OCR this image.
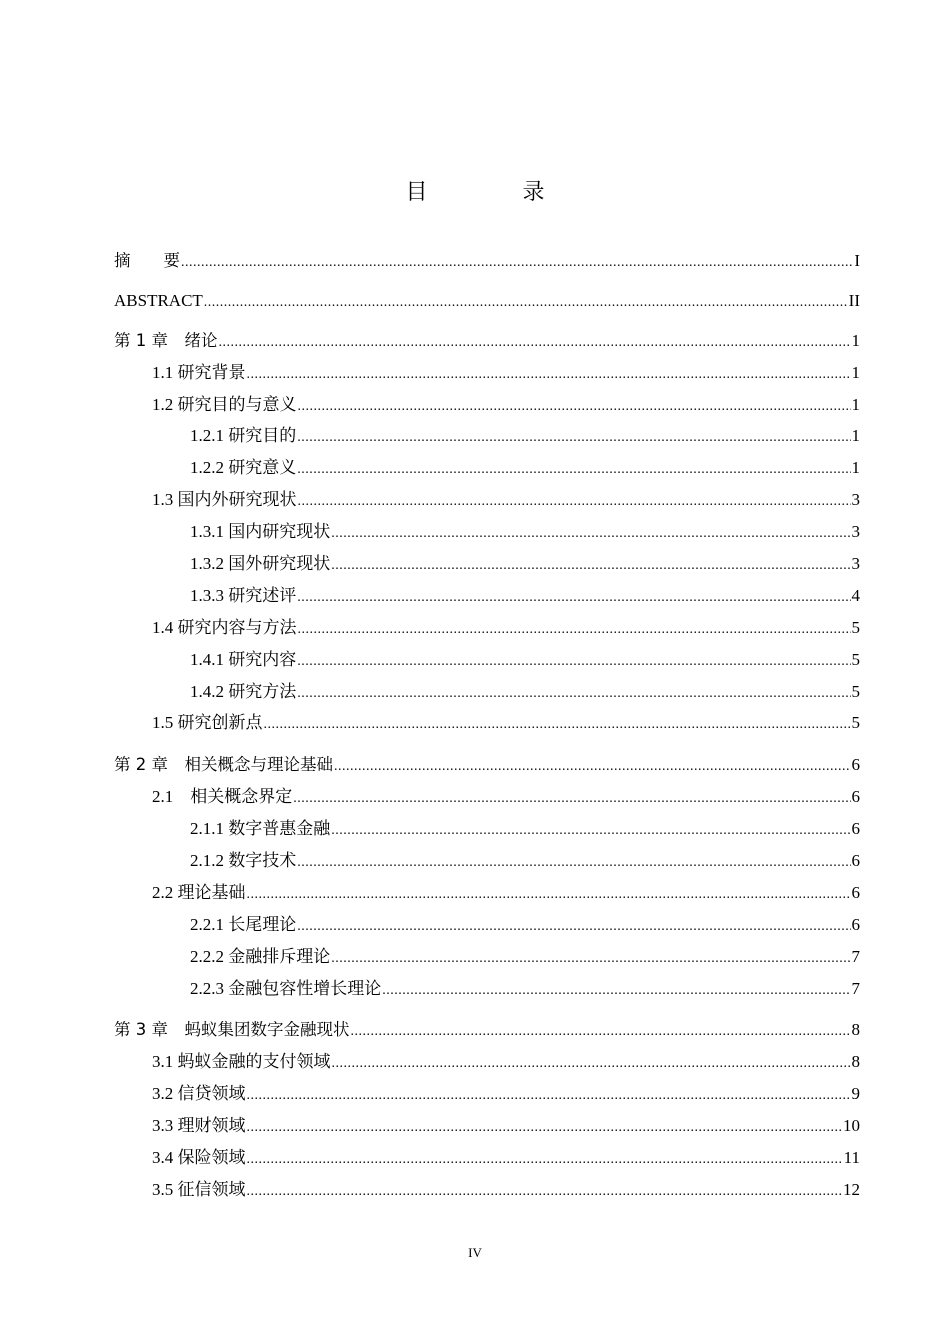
目 录
摘　　要 .....	I
ABSTRACT .....	II
第 1 章　绪论 .....	1
1.1 研究背景 .....	1
1.2 研究目的与意义 .....	1
1.2.1 研究目的 .....	1
1.2.2 研究意义 .....	1
1.3 国内外研究现状 .....	3
1.3.1 国内研究现状 .....	3
1.3.2 国外研究现状 .....	3
1.3.3 研究述评 .....	4
1.4 研究内容与方法 .....	5
1.4.1 研究内容 .....	5
1.4.2 研究方法 .....	5
1.5 研究创新点 .....	5
第 2 章　相关概念与理论基础 .....	6
2.1　相关概念界定 .....	6
2.1.1 数字普惠金融 .....	6
2.1.2 数字技术 .....	6
2.2 理论基础 .....	6
2.2.1 长尾理论 .....	6
2.2.2 金融排斥理论 .....	7
2.2.3 金融包容性增长理论 .....	7
第 3 章　蚂蚁集团数字金融现状 .....	8
3.1 蚂蚁金融的支付领域 .....	8
3.2 信贷领域 .....	9
3.3 理财领域 .....	10
3.4 保险领域 .....	11
3.5 征信领域 .....	12
IV
